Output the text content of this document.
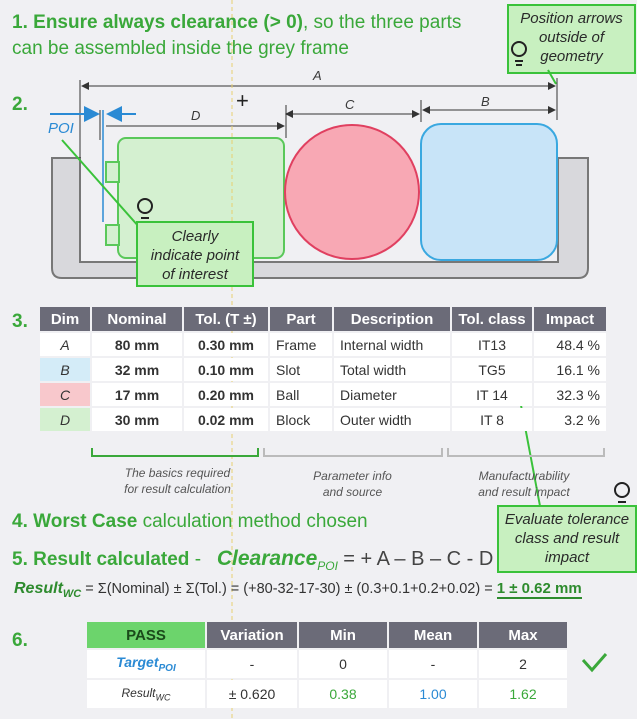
1. Ensure always clearance (> 0), so the three parts
can be assembled inside the grey frame
Position arrows outside of geometry
2.
A
B
C
D
POI
+
Clearly indicate point of interest
3. Dim	Nominal	Tol. (T ±)	Part	Description	Tol. class	Impact
A	80 mm	0.30 mm	Frame	Internal width	IT13	48.4 %
B	32 mm	0.10 mm	Slot	Total width	TG5	16.1 %
C	17 mm	0.20 mm	Ball	Diameter	IT 14	32.3 %
D	30 mm	0.02 mm	Block	Outer width	IT 8	3.2 %
The basics required
for result calculation
Parameter info
and source
Manufacturability
and result impact
Evaluate tolerance class and result impact
4. Worst Case calculation method chosen
5. Result calculated - Clearance$_{POI}$ = + A – B – C - D
Result$_{WC}$ = Σ(Nominal) ± Σ(Tol.) = (+80-32-17-30) ± (0.3+0.1+0.2+0.02) = 1 ± 0.62 mm
6.	PASS	Variation	Min	Mean	Max
Target$_{POI}$	-	0	-	2
Result$_{WC}$	± 0.620	0.38	1.00	1.62
